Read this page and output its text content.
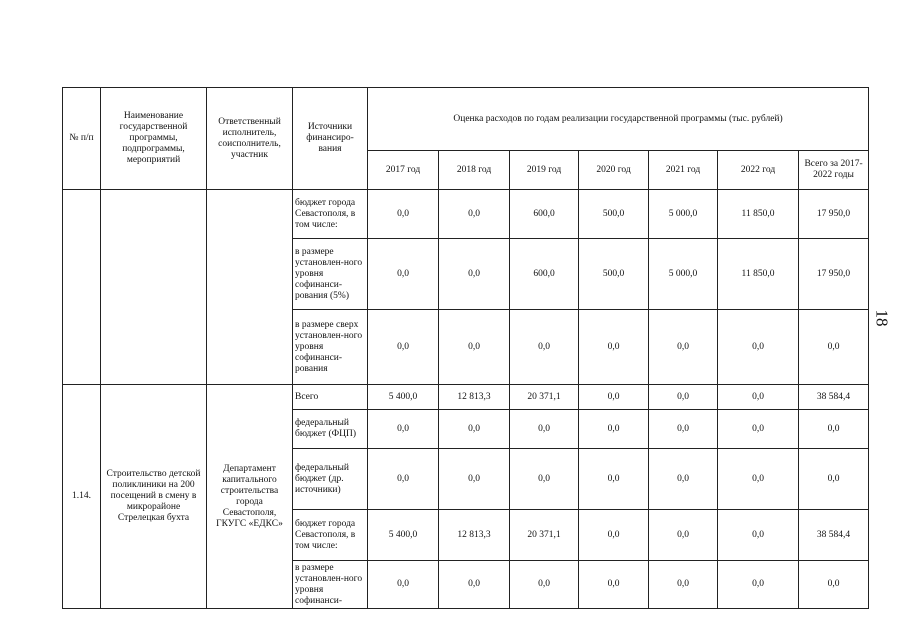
№ п/п	Наименование государственной программы, подпрограммы, мероприятий	Ответственный исполнитель, соисполнитель, участник	Источники финансиро-вания	Оценка расходов по годам реализации государственной программы (тыс. рублей)						
				2017 год	2018 год	2019 год	2020 год	2021 год	2022 год	Всего за 2017-2022 годы
			бюджет города Севастополя, в том числе:	0,0	0,0	600,0	500,0	5 000,0	11 850,0	17 950,0
			в размере установлен-ного уровня софинанси-рования (5%)	0,0	0,0	600,0	500,0	5 000,0	11 850,0	17 950,0
			в размере сверх установлен-ного уровня софинанси-рования	0,0	0,0	0,0	0,0	0,0	0,0	0,0
1.14.	Строительство детской поликлиники на 200 посещений в смену в микрорайоне Стрелецкая бухта	Департамент капитального строительства города Севастополя, ГКУГС «ЕДКС»	Всего	5 400,0	12 813,3	20 371,1	0,0	0,0	0,0	38 584,4
			федеральный бюджет (ФЦП)	0,0	0,0	0,0	0,0	0,0	0,0	0,0
			федеральный бюджет (др. источники)	0,0	0,0	0,0	0,0	0,0	0,0	0,0
			бюджет города Севастополя, в том числе:	5 400,0	12 813,3	20 371,1	0,0	0,0	0,0	38 584,4
			в размере установлен-ного уровня софинанси-	0,0	0,0	0,0	0,0	0,0	0,0	0,0
18
